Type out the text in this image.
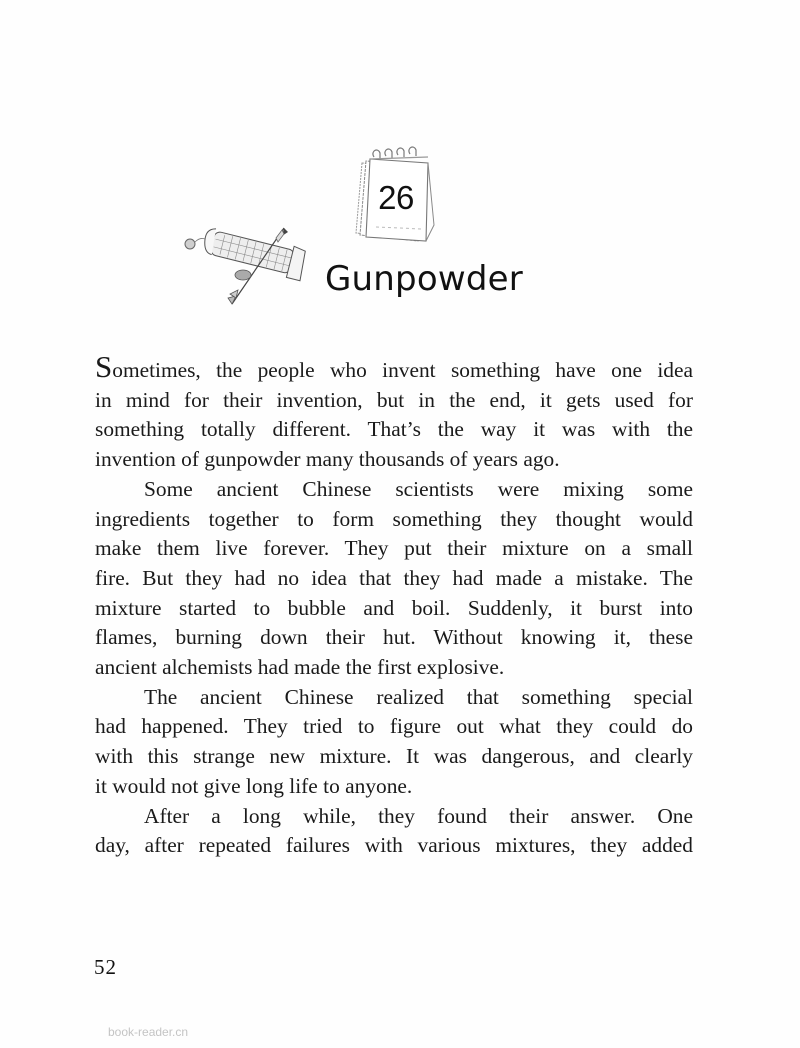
26
Gunpowder

Sometimes, the people who invent something have one idea
in mind for their invention, but in the end, it gets used for
something totally different. That’s the way it was with the
invention of gunpowder many thousands of years ago.

Some ancient Chinese scientists were mixing some
ingredients together to form something they thought would
make them live forever. They put their mixture on a small
fire. But they had no idea that they had made a mistake. The
mixture started to bubble and boil. Suddenly, it burst into
flames, burning down their hut. Without knowing it, these
ancient alchemists had made the first explosive.

The ancient Chinese realized that something special
had happened. They tried to figure out what they could do
with this strange new mixture. It was dangerous, and clearly
it would not give long life to anyone.

After a long while, they found their answer. One
day, after repeated failures with various mixtures, they added

52
book-reader.cn
